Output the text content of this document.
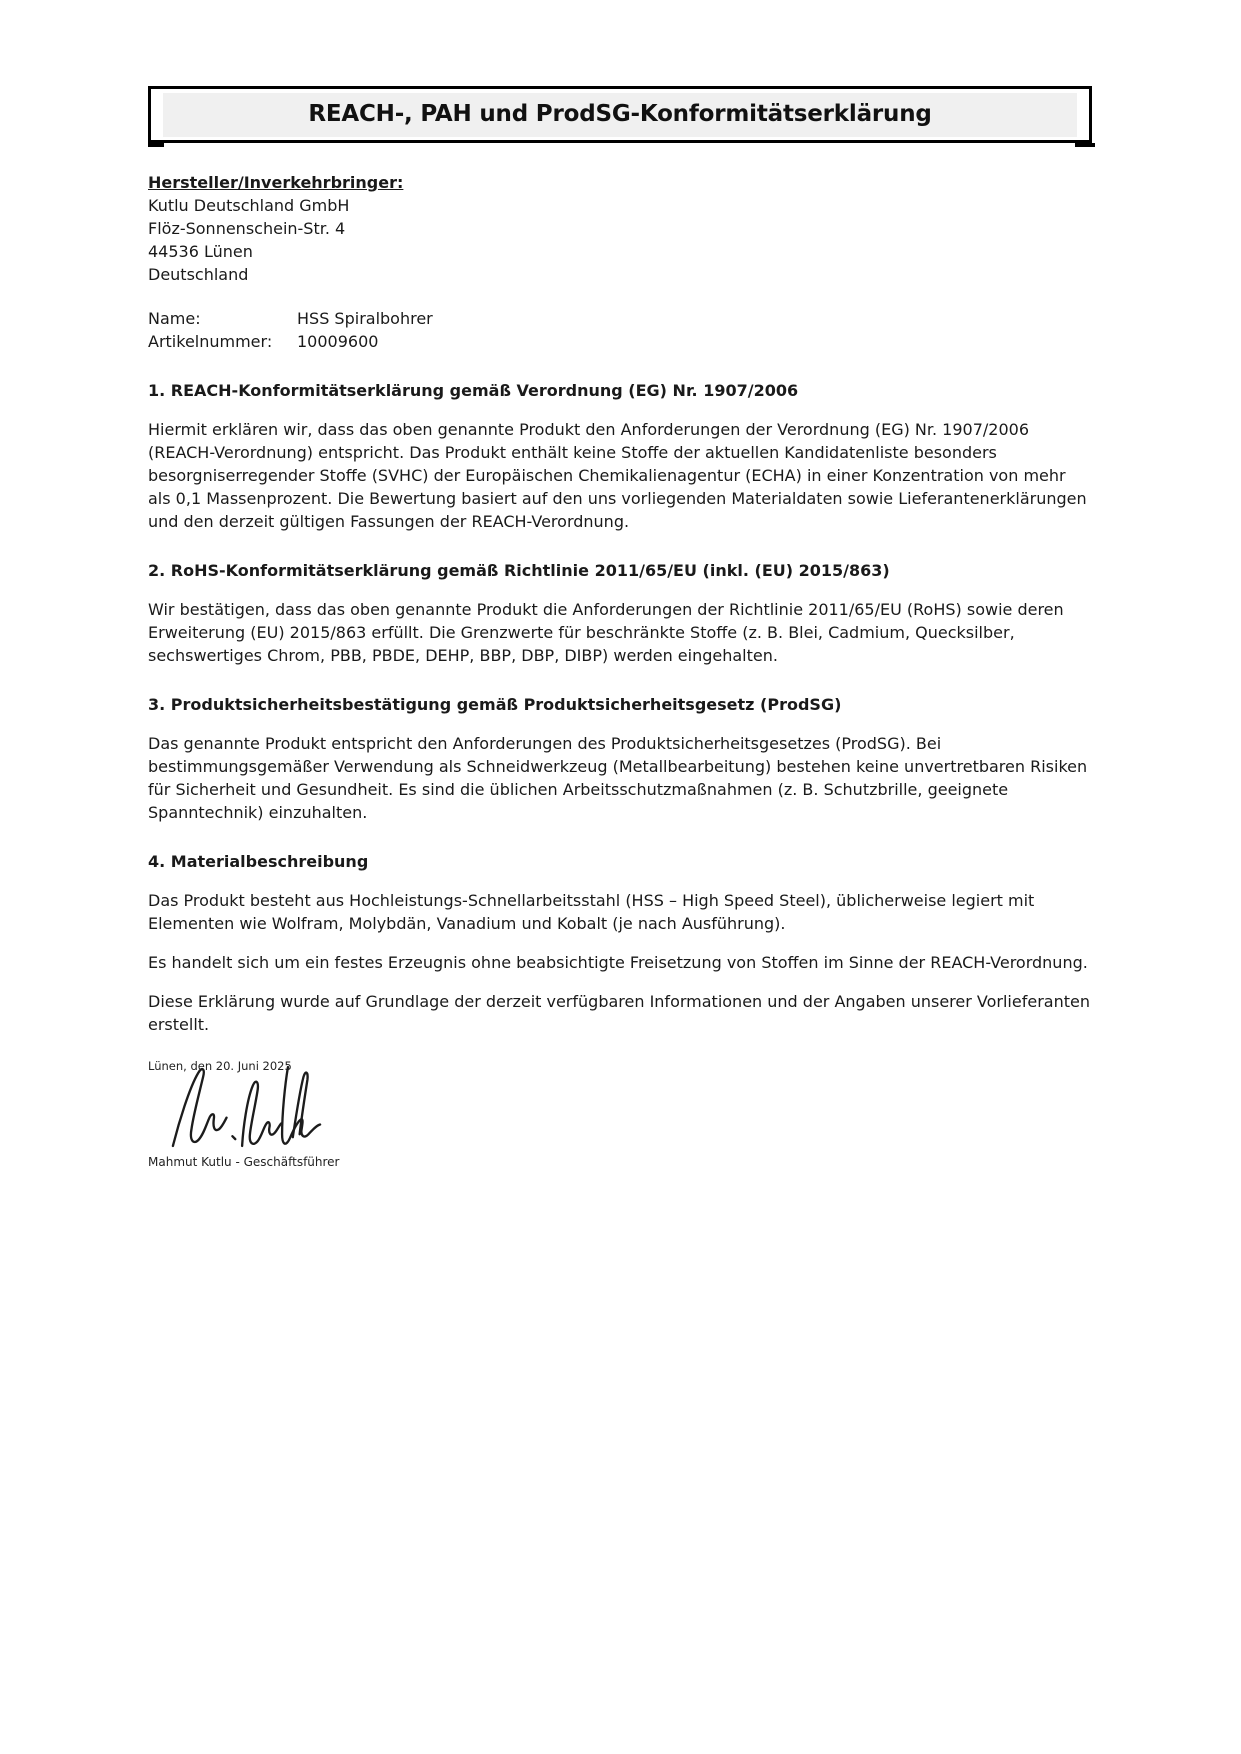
REACH-, PAH und ProdSG-Konformitätserklärung
Hersteller/Inverkehrbringer:
Kutlu Deutschland GmbH
Flöz-Sonnenschein-Str. 4
44536 Lünen
Deutschland
Name:	HSS Spiralbohrer
Artikelnummer:	10009600
1. REACH-Konformitätserklärung gemäß Verordnung (EG) Nr. 1907/2006
Hiermit erklären wir, dass das oben genannte Produkt den Anforderungen der Verordnung (EG) Nr. 1907/2006 (REACH-Verordnung) entspricht. Das Produkt enthält keine Stoffe der aktuellen Kandidatenliste besonders besorgniserregender Stoffe (SVHC) der Europäischen Chemikalienagentur (ECHA) in einer Konzentration von mehr als 0,1 Massenprozent. Die Bewertung basiert auf den uns vorliegenden Materialdaten sowie Lieferantenerklärungen und den derzeit gültigen Fassungen der REACH-Verordnung.
2. RoHS-Konformitätserklärung gemäß Richtlinie 2011/65/EU (inkl. (EU) 2015/863)
Wir bestätigen, dass das oben genannte Produkt die Anforderungen der Richtlinie 2011/65/EU (RoHS) sowie deren Erweiterung (EU) 2015/863 erfüllt. Die Grenzwerte für beschränkte Stoffe (z. B. Blei, Cadmium, Quecksilber, sechswertiges Chrom, PBB, PBDE, DEHP, BBP, DBP, DIBP) werden eingehalten.
3. Produktsicherheitsbestätigung gemäß Produktsicherheitsgesetz (ProdSG)
Das genannte Produkt entspricht den Anforderungen des Produktsicherheitsgesetzes (ProdSG). Bei bestimmungsgemäßer Verwendung als Schneidwerkzeug (Metallbearbeitung) bestehen keine unvertretbaren Risiken für Sicherheit und Gesundheit. Es sind die üblichen Arbeitsschutzmaßnahmen (z. B. Schutzbrille, geeignete Spanntechnik) einzuhalten.
4. Materialbeschreibung
Das Produkt besteht aus Hochleistungs-Schnellarbeitsstahl (HSS – High Speed Steel), üblicherweise legiert mit Elementen wie Wolfram, Molybdän, Vanadium und Kobalt (je nach Ausführung).
Es handelt sich um ein festes Erzeugnis ohne beabsichtigte Freisetzung von Stoffen im Sinne der REACH-Verordnung.
Diese Erklärung wurde auf Grundlage der derzeit verfügbaren Informationen und der Angaben unserer Vorlieferanten erstellt.
Lünen, den 20. Juni 2025
Mahmut Kutlu - Geschäftsführer
